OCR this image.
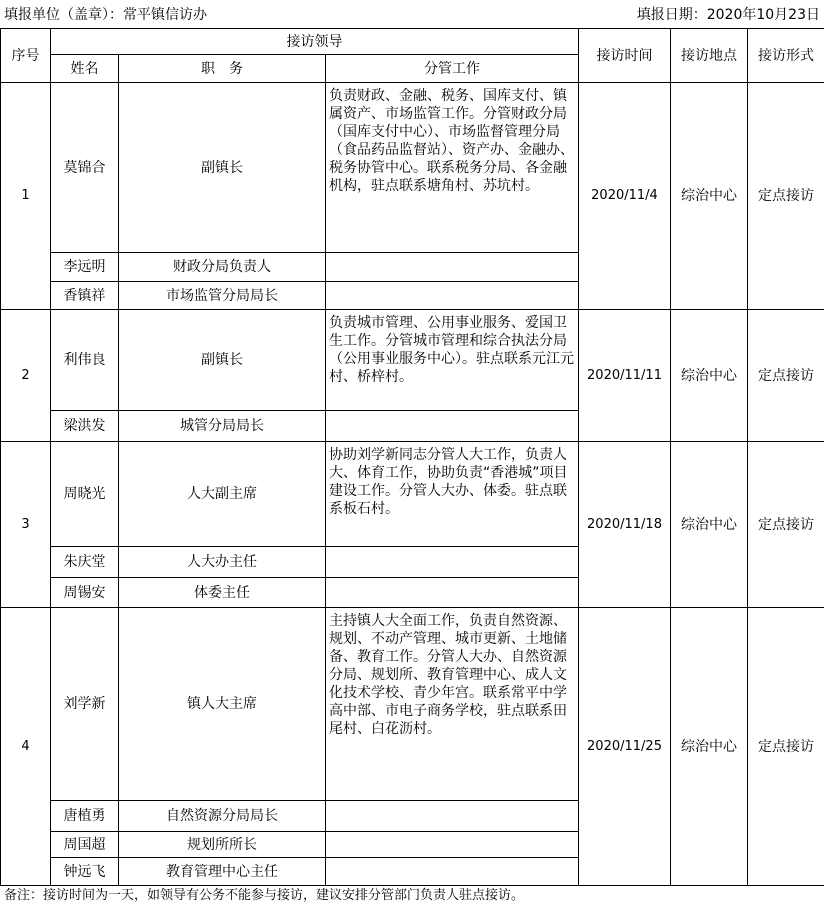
填报单位（盖章）：常平镇信访办	填报日期：2020年10月23日
序号	接访领导			接访时间	接访地点	接访形式
	姓名	职　务	分管工作			
1	莫锦合	副镇长	负责财政、金融、税务、国库支付、镇属资产、市场监管工作。分管财政分局（国库支付中心）、市场监督管理分局（食品药品监督站）、资产办、金融办、税务协管中心。联系税务分局、各金融机构，驻点联系塘角村、苏坑村。	2020/11/4	综治中心	定点接访
	李远明	财政分局负责人				
	香镇祥	市场监管分局局长				
2	利伟良	副镇长	负责城市管理、公用事业服务、爱国卫生工作。分管城市管理和综合执法分局（公用事业服务中心）。驻点联系元江元村、桥梓村。	2020/11/11	综治中心	定点接访
	梁洪发	城管分局局长				
3	周晓光	人大副主席	协助刘学新同志分管人大工作，负责人大、体育工作，协助负责“香港城”项目建设工作。分管人大办、体委。驻点联系板石村。	2020/11/18	综治中心	定点接访
	朱庆堂	人大办主任				
	周锡安	体委主任				
4	刘学新	镇人大主席	主持镇人大全面工作，负责自然资源、规划、不动产管理、城市更新、土地储备、教育工作。分管人大办、自然资源分局、规划所、教育管理中心、成人文化技术学校、青少年宫。联系常平中学高中部、市电子商务学校，驻点联系田尾村、白花沥村。	2020/11/25	综治中心	定点接访
	唐植勇	自然资源分局局长				
	周国超	规划所所长				
	钟远飞	教育管理中心主任				
备注：接访时间为一天，如领导有公务不能参与接访，建议安排分管部门负责人驻点接访。
